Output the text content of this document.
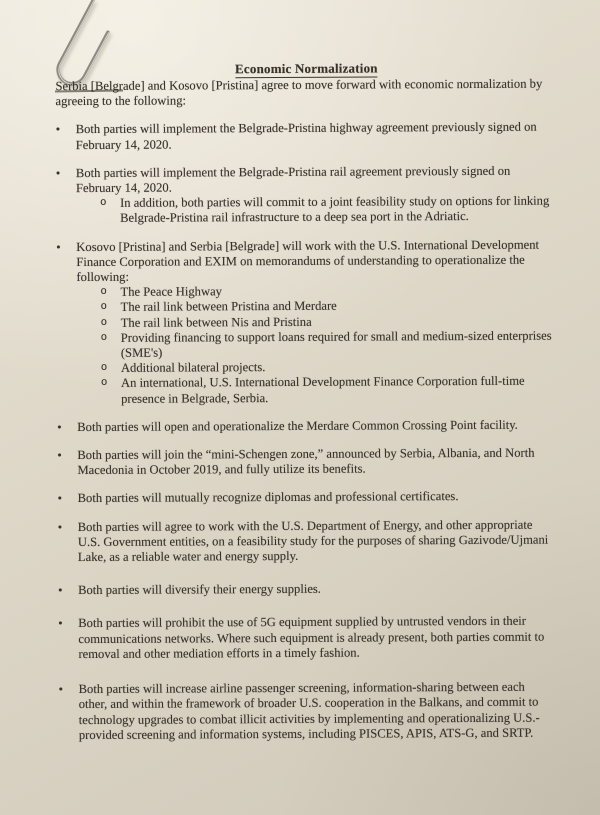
Economic Normalization

Serbia [Belgrade] and Kosovo [Pristina] agree to move forward with economic normalization by
agreeing to the following:

•	Both parties will implement the Belgrade-Pristina highway agreement previously signed on
February 14, 2020.

•	Both parties will implement the Belgrade-Pristina rail agreement previously signed on
February 14, 2020.

o	In addition, both parties will commit to a joint feasibility study on options for linking
Belgrade-Pristina rail infrastructure to a deep sea port in the Adriatic.

•	Kosovo [Pristina] and Serbia [Belgrade] will work with the U.S. International Development
Finance Corporation and EXIM on memorandums of understanding to operationalize the
following:

o	The Peace Highway

o	The rail link between Pristina and Merdare

o	The rail link between Nis and Pristina

o	Providing financing to support loans required for small and medium-sized enterprises
(SME's)

o	Additional bilateral projects.

o	An international, U.S. International Development Finance Corporation full-time
presence in Belgrade, Serbia.

•	Both parties will open and operationalize the Merdare Common Crossing Point facility.

•	Both parties will join the “mini-Schengen zone,” announced by Serbia, Albania, and North
Macedonia in October 2019, and fully utilize its benefits.

•	Both parties will mutually recognize diplomas and professional certificates.

•	Both parties will agree to work with the U.S. Department of Energy, and other appropriate
U.S. Government entities, on a feasibility study for the purposes of sharing Gazivode/Ujmani
Lake, as a reliable water and energy supply.

•	Both parties will diversify their energy supplies.

•	Both parties will prohibit the use of 5G equipment supplied by untrusted vendors in their
communications networks. Where such equipment is already present, both parties commit to
removal and other mediation efforts in a timely fashion.

•	Both parties will increase airline passenger screening, information-sharing between each
other, and within the framework of broader U.S. cooperation in the Balkans, and commit to
technology upgrades to combat illicit activities by implementing and operationalizing U.S.-
provided screening and information systems, including PISCES, APIS, ATS-G, and SRTP.
